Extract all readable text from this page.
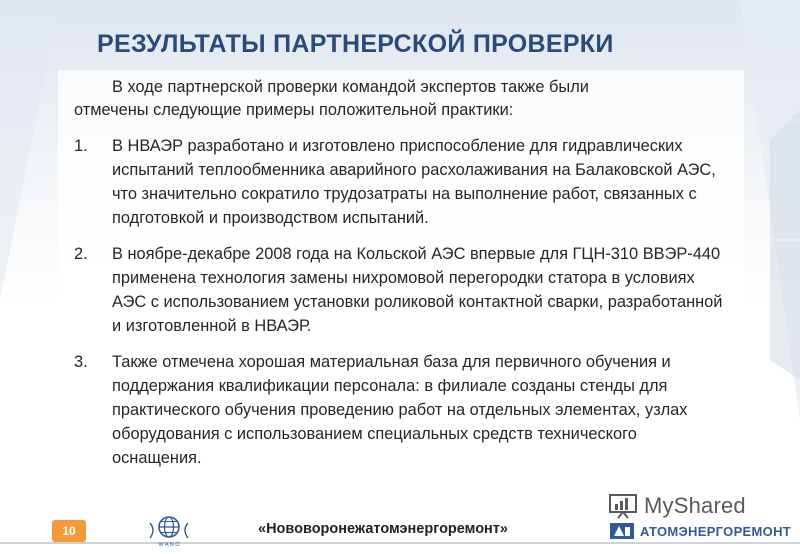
РЕЗУЛЬТАТЫ ПАРТНЕРСКОЙ ПРОВЕРКИ
В ходе партнерской проверки командой экспертов также были
отмечены следующие примеры положительной практики:
1. В НВАЭР разработано и изготовлено приспособление для гидравлических испытаний теплообменника аварийного расхолаживания на Балаковской АЭС, что значительно сократило трудозатраты на выполнение работ, связанных с подготовкой и производством испытаний.
2. В ноябре-декабре 2008 года на Кольской АЭС впервые для ГЦН-310 ВВЭР-440 применена технология замены нихромовой перегородки статора в условиях АЭС с использованием установки роликовой контактной сварки, разработанной и изготовленной в НВАЭР.
3. Также отмечена хорошая материальная база для первичного обучения и поддержания квалификации персонала: в филиале созданы стенды для практического обучения проведению работ на отдельных элементах, узлах оборудования с использованием специальных средств технического оснащения.
10
W A N O
«Нововоронежатомэнергоремонт»
MyShared
АТОМЭНЕРГОРЕМОНТ
